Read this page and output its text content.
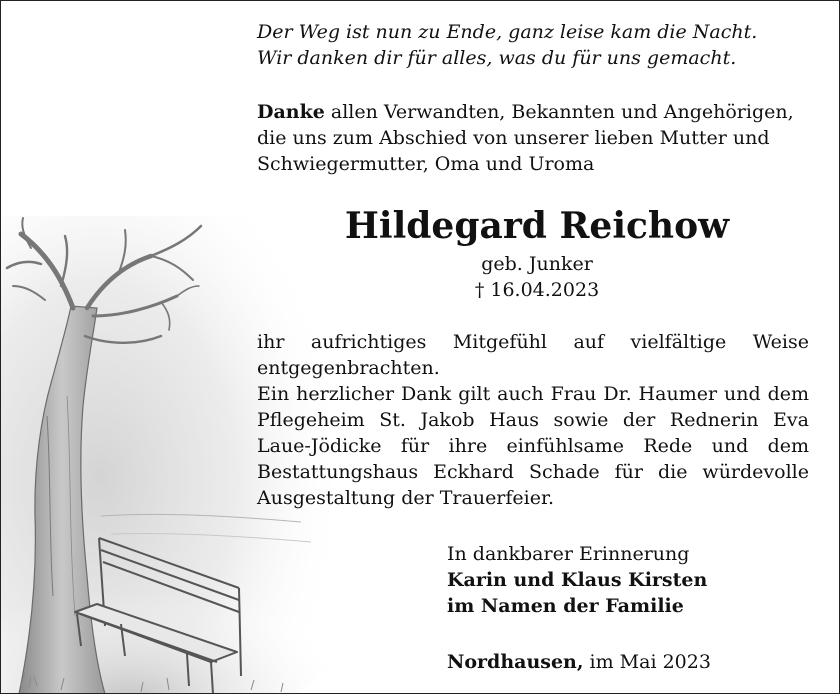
Der Weg ist nun zu Ende, ganz leise kam die Nacht.
Wir danken dir für alles, was du für uns gemacht.
Danke allen Verwandten, Bekannten und Angehörigen, die uns zum Abschied von unserer lieben Mutter und Schwiegermutter, Oma und Uroma
Hildegard Reichow
geb. Junker
† 16.04.2023
ihr aufrichtiges Mitgefühl auf vielfältige Weise entgegenbrachten.
Ein herzlicher Dank gilt auch Frau Dr. Haumer und dem Pflegeheim St. Jakob Haus sowie der Rednerin Eva Laue-Jödicke für ihre einfühlsame Rede und dem Bestattungshaus Eckhard Schade für die würdevolle Ausgestaltung der Trauerfeier.
In dankbarer Erinnerung
Karin und Klaus Kirsten
im Namen der Familie
Nordhausen, im Mai 2023
